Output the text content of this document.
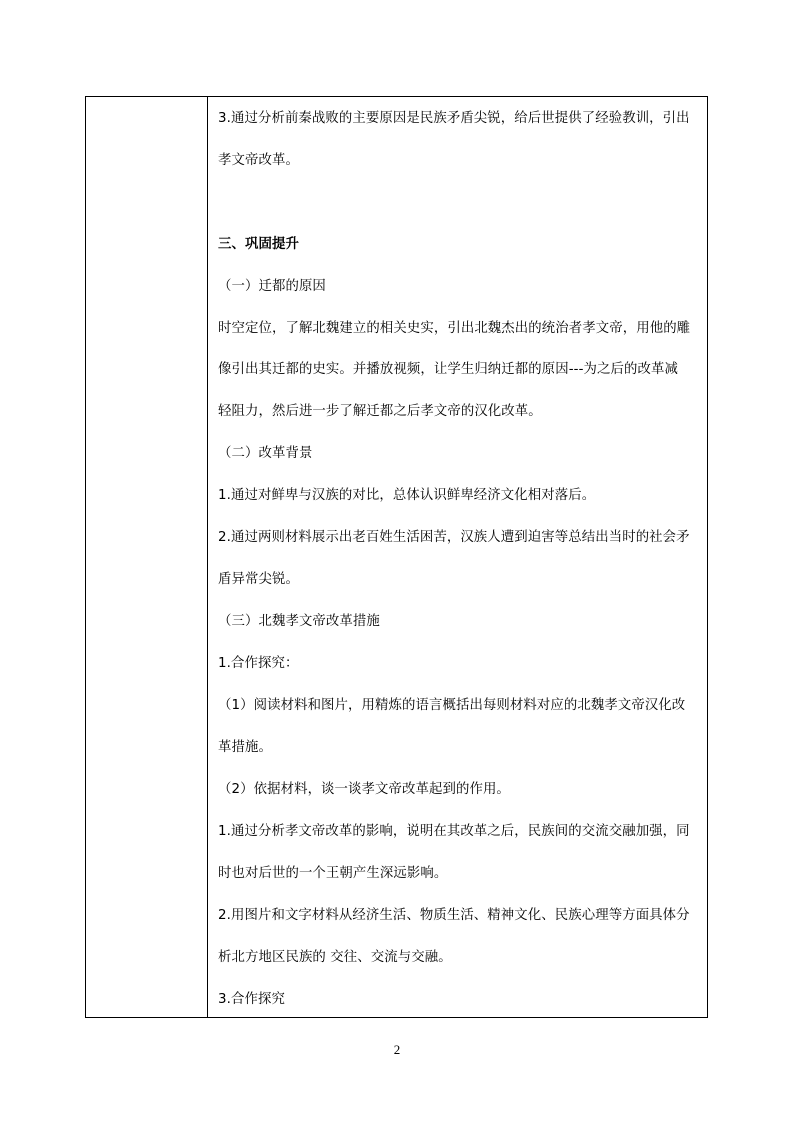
3.通过分析前秦战败的主要原因是民族矛盾尖锐，给后世提供了经验教训，引出
孝文帝改革。
三、巩固提升
（一）迁都的原因
时空定位，了解北魏建立的相关史实，引出北魏杰出的统治者孝文帝，用他的雕
像引出其迁都的史实。并播放视频，让学生归纳迁都的原因---为之后的改革减
轻阻力，然后进一步了解迁都之后孝文帝的汉化改革。
（二）改革背景
1.通过对鲜卑与汉族的对比，总体认识鲜卑经济文化相对落后。
2.通过两则材料展示出老百姓生活困苦，汉族人遭到迫害等总结出当时的社会矛
盾异常尖锐。
（三）北魏孝文帝改革措施
1.合作探究：
（1）阅读材料和图片，用精炼的语言概括出每则材料对应的北魏孝文帝汉化改
革措施。
（2）依据材料，谈一谈孝文帝改革起到的作用。
1.通过分析孝文帝改革的影响，说明在其改革之后，民族间的交流交融加强，同
时也对后世的一个王朝产生深远影响。
2.用图片和文字材料从经济生活、物质生活、精神文化、民族心理等方面具体分
析北方地区民族的 交往、交流与交融。
3.合作探究
2
